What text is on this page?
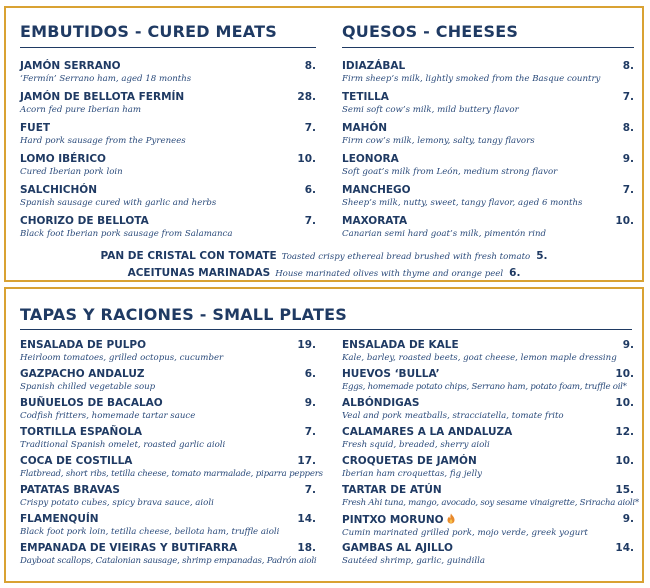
EMBUTIDOS - CURED MEATS
JAMÓN SERRANO
‘Fermín’ Serrano ham, aged 18 months
8.
JAMÓN DE BELLOTA FERMÍN
Acorn fed pure Iberian ham
28.
FUET
Hard pork sausage from the Pyrenees
7.
LOMO IBÉRICO
Cured Iberian pork loin
10.
SALCHICHÓN
Spanish sausage cured with garlic and herbs
6.
CHORIZO DE BELLOTA
Black foot Iberian pork sausage from Salamanca
7.
QUESOS - CHEESES
IDIAZÁBAL
Firm sheep’s milk, lightly smoked from the Basque country
8.
TETILLA
Semi soft cow’s milk, mild buttery flavor
7.
MAHÓN
Firm cow’s milk, lemony, salty, tangy flavors
8.
LEONORA
Soft goat’s milk from León, medium strong flavor
9.
MANCHEGO
Sheep’s milk, nutty, sweet, tangy flavor, aged 6 months
7.
MAXORATA
Canarian semi hard goat’s milk, pimentón rind
10.
PAN DE CRISTAL CON TOMATE Toasted crispy ethereal bread brushed with fresh tomato 5.
ACEITUNAS MARINADAS House marinated olives with thyme and orange peel 6.
TAPAS Y RACIONES - SMALL PLATES
ENSALADA DE PULPO
Heirloom tomatoes, grilled octopus, cucumber
19.
GAZPACHO ANDALUZ
Spanish chilled vegetable soup
6.
BUÑUELOS DE BACALAO
Codfish fritters, homemade tartar sauce
9.
TORTILLA ESPAÑOLA
Traditional Spanish omelet, roasted garlic aioli
7.
COCA DE COSTILLA
Flatbread, short ribs, tetilla cheese, tomato marmalade, piparra peppers
17.
PATATAS BRAVAS
Crispy potato cubes, spicy brava sauce, aioli
7.
FLAMENQUÍN
Black foot pork loin, tetilla cheese, bellota ham, truffle aioli
14.
EMPANADA DE VIEIRAS Y BUTIFARRA
Dayboat scallops, Catalonian sausage, shrimp empanadas, Padrón aioli
18.
ENSALADA DE KALE
Kale, barley, roasted beets, goat cheese, lemon maple dressing
9.
HUEVOS ‘BULLA’
Eggs, homemade potato chips, Serrano ham, potato foam, truffle oil*
10.
ALBÓNDIGAS
Veal and pork meatballs, stracciatella, tomate frito
10.
CALAMARES A LA ANDALUZA
Fresh squid, breaded, sherry aioli
12.
CROQUETAS DE JAMÓN
Iberian ham croquettas, fig jelly
10.
TARTAR DE ATÚN
Fresh Ahi tuna, mango, avocado, soy sesame vinaigrette, Sriracha aioli*
15.
PINTXO MORUNO
Cumin marinated grilled pork, mojo verde, greek yogurt
9.
GAMBAS AL AJILLO
Sautéed shrimp, garlic, guindilla
14.
